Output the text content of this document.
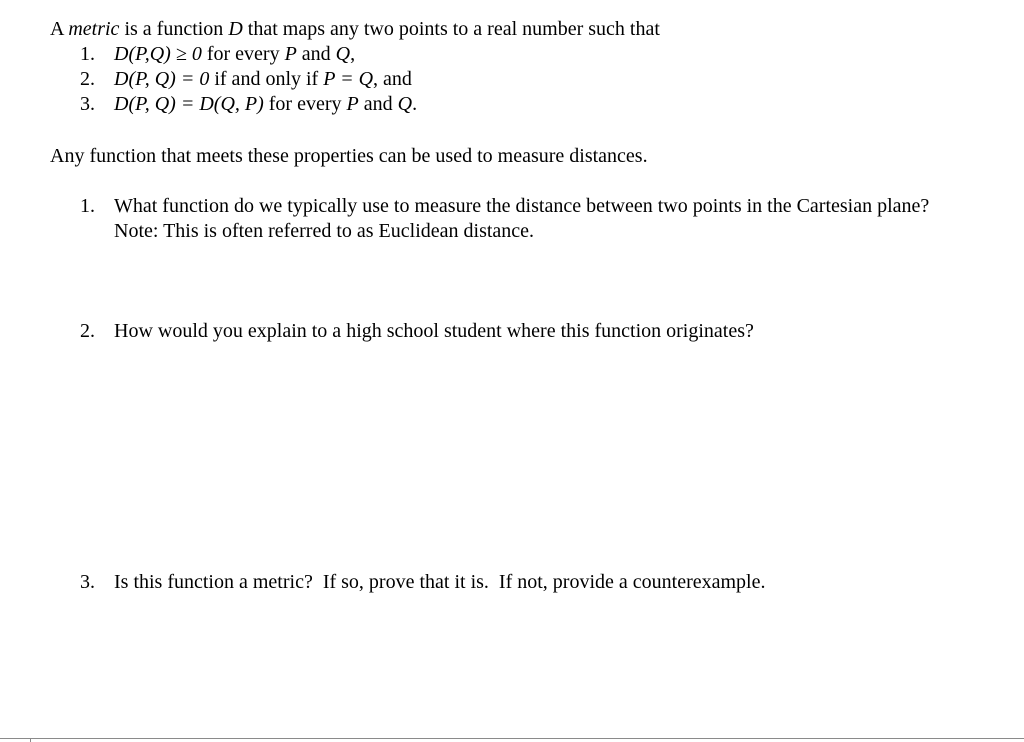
A metric is a function D that maps any two points to a real number such that
1. D(P,Q) ≥ 0 for every P and Q,
2. D(P, Q) = 0 if and only if P = Q, and
3. D(P, Q) = D(Q, P) for every P and Q.
Any function that meets these properties can be used to measure distances.
1. What function do we typically use to measure the distance between two points in the Cartesian plane?
Note: This is often referred to as Euclidean distance.
2. How would you explain to a high school student where this function originates?
3. Is this function a metric?  If so, prove that it is.  If not, provide a counterexample.
